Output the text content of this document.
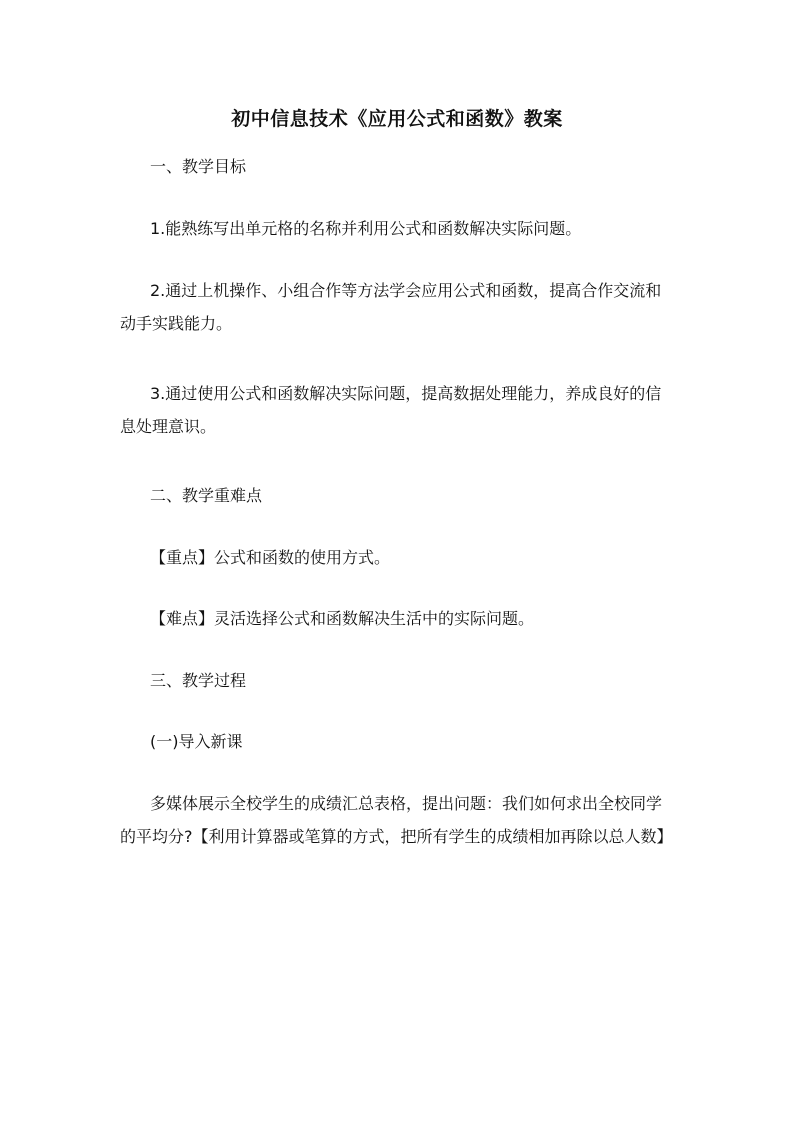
初中信息技术《应用公式和函数》教案

一、教学目标

1.能熟练写出单元格的名称并利用公式和函数解决实际问题。

2.通过上机操作、小组合作等方法学会应用公式和函数，提高合作交流和动手实践能力。

3.通过使用公式和函数解决实际问题，提高数据处理能力，养成良好的信息处理意识。

二、教学重难点

【重点】公式和函数的使用方式。

【难点】灵活选择公式和函数解决生活中的实际问题。

三、教学过程

(一)导入新课

多媒体展示全校学生的成绩汇总表格，提出问题：我们如何求出全校同学的平均分?【利用计算器或笔算的方式，把所有学生的成绩相加再除以总人数】
